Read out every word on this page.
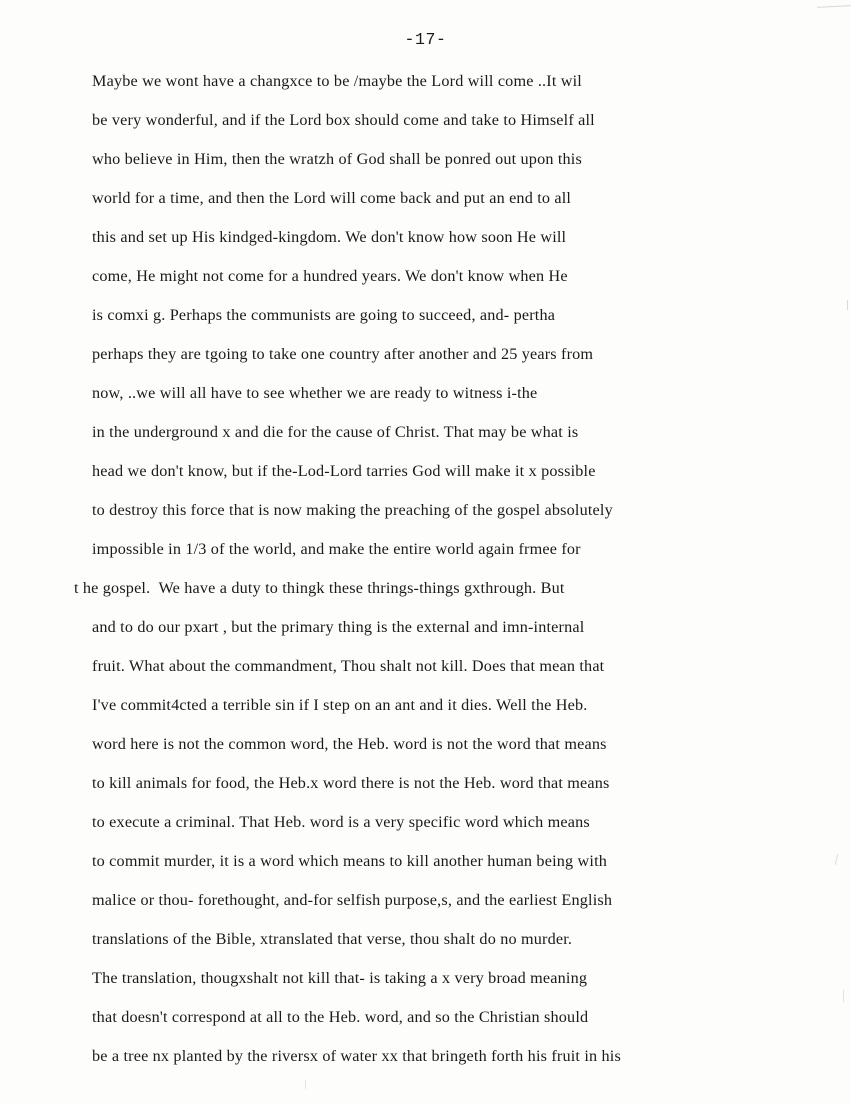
-17-
Maybe we wont have a changxce to be /maybe the Lord will come ..It wil
be very wonderful, and if the Lord box should come and take to Himself all
who believe in Him, then the wratzh of God shall be ponred out upon this
world for a time, and then the Lord will come back and put an end to all
this and set up His kindged-kingdom. We don't know how soon He will
come, He might not come for a hundred years. We don't know when He
is comxi g. Perhaps the communists are going to succeed, and- pertha
perhaps they are tgoing to take one country after another and 25 years from
now, ..we will all have to see whether we are ready to witness i-the
in the underground x and die for the cause of Christ. That may be what is
head we don't know, but if the-Lod-Lord tarries God will make it x possible
to destroy this force that is now making the preaching of the gospel absolutely
impossible in 1/3 of the world, and make the entire world again frmee for
t he gospel.  We have a duty to thingk these thrings-things gxthrough. But
and to do our pxart , but the primary thing is the external and imn-internal
fruit. What about the commandment, Thou shalt not kill. Does that mean that
I've commit4cted a terrible sin if I step on an ant and it dies. Well the Heb.
word here is not the common word, the Heb. word is not the word that means
to kill animals for food, the Heb.x word there is not the Heb. word that means
to execute a criminal. That Heb. word is a very specific word which means
to commit murder, it is a word which means to kill another human being with
malice or thou- forethought, and-for selfish purpose,s, and the earliest English
translations of the Bible, xtranslated that verse, thou shalt do no murder.
The translation, thougxshalt not kill that- is taking a x very broad meaning
that doesn't correspond at all to the Heb. word, and so the Christian should
be a tree nx planted by the riversx of water xx that bringeth forth his fruit in his
